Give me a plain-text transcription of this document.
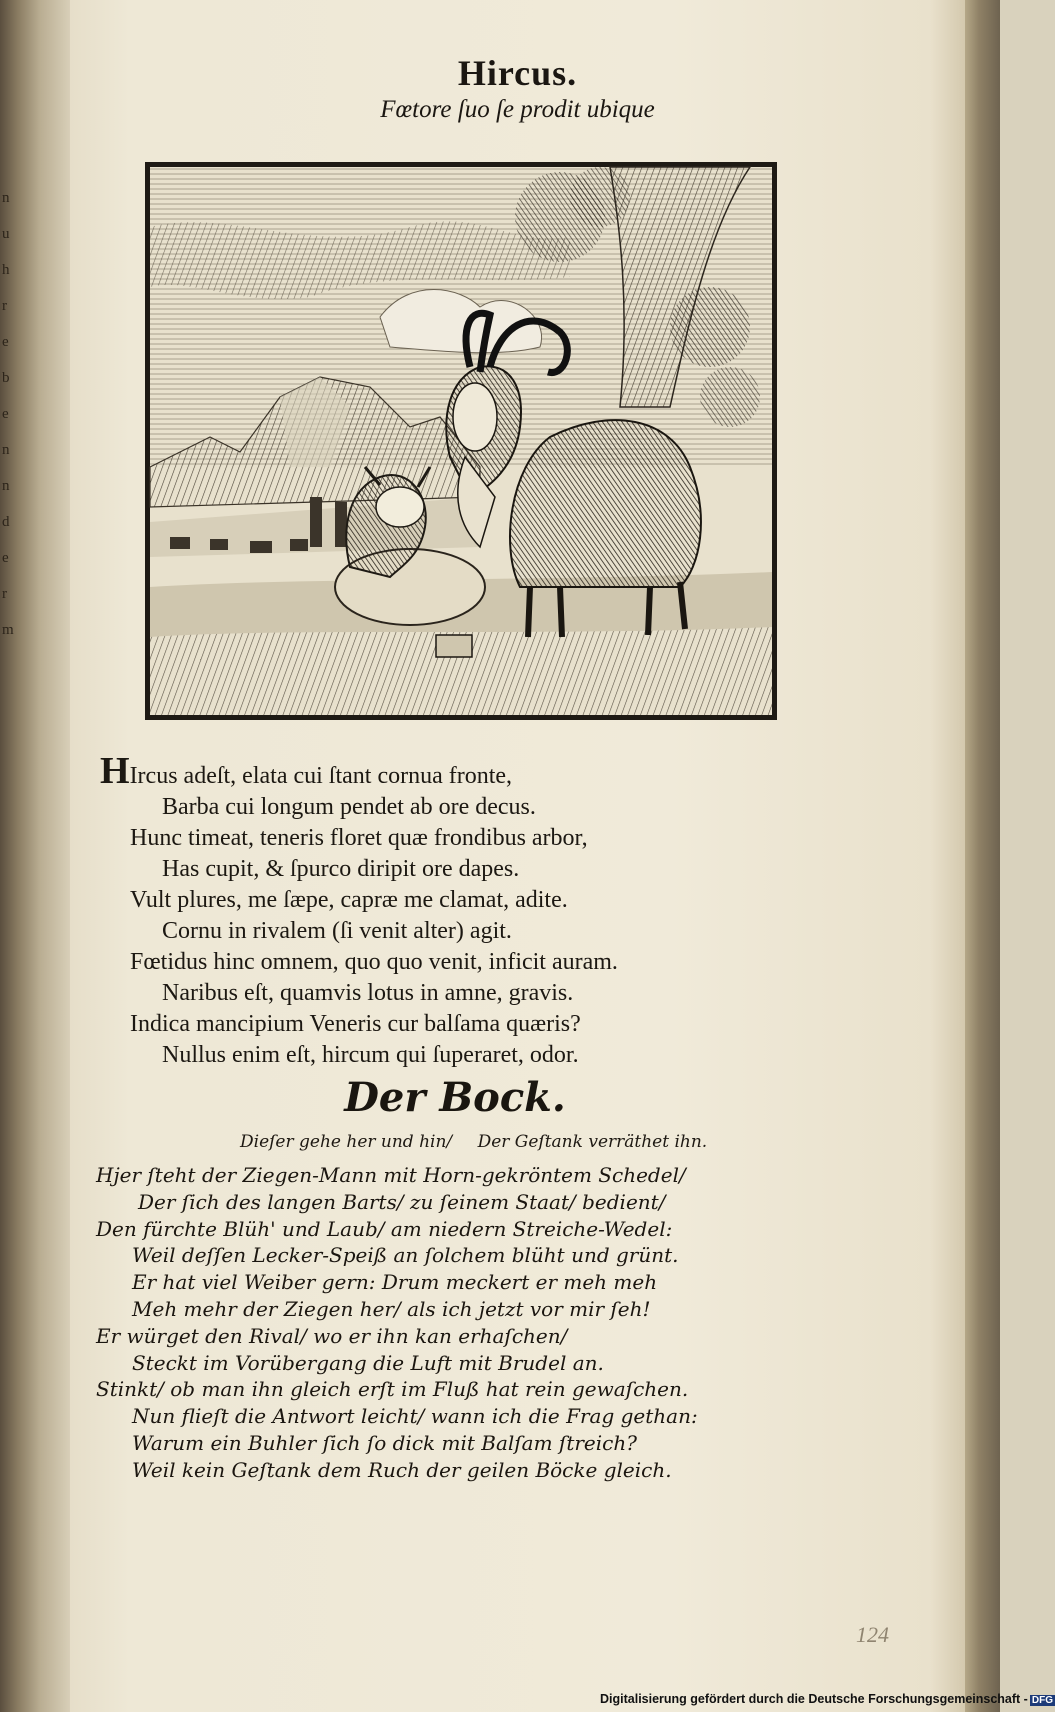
n
u
h
r
e
b
e
n
n
d
e
r
m
Hircus.
Fœtore ſuo ſe prodit ubique
HIrcus adeſt, elata cui ſtant cornua fronte,
Barba cui longum pendet ab ore decus.
Hunc timeat, teneris floret quæ frondibus arbor,
Has cupit, & ſpurco diripit ore dapes.
Vult plures, me ſæpe, capræ me clamat, adite.
Cornu in rivalem (ſi venit alter) agit.
Fœtidus hinc omnem, quo quo venit, inficit auram.
Naribus eſt, quamvis lotus in amne, gravis.
Indica mancipium Veneris cur balſama quæris?
Nullus enim eſt, hircum qui ſuperaret, odor.
Der Bock.
Dieſer gehe her und hin/ Der Geſtank verräthet ihn.
Hjer ſteht der Ziegen-Mann mit Horn-gekröntem Schedel/
Der ſich des langen Barts/ zu ſeinem Staat/ bedient/
Den fürchte Blüh' und Laub/ am niedern Streiche-Wedel:
Weil deſſen Lecker-Speiß an ſolchem blüht und grünt.
Er hat viel Weiber gern: Drum meckert er meh meh
Meh mehr der Ziegen her/ als ich jetzt vor mir ſeh!
Er würget den Rival/ wo er ihn kan erhaſchen/
Steckt im Vorübergang die Luft mit Brudel an.
Stinkt/ ob man ihn gleich erſt im Fluß hat rein gewaſchen.
Nun flieſt die Antwort leicht/ wann ich die Frag gethan:
Warum ein Buhler ſich ſo dick mit Balſam ſtreich?
Weil kein Geſtank dem Ruch der geilen Böcke gleich.
124
Digitalisierung gefördert durch die Deutsche Forschungsgemeinschaft - DFG
